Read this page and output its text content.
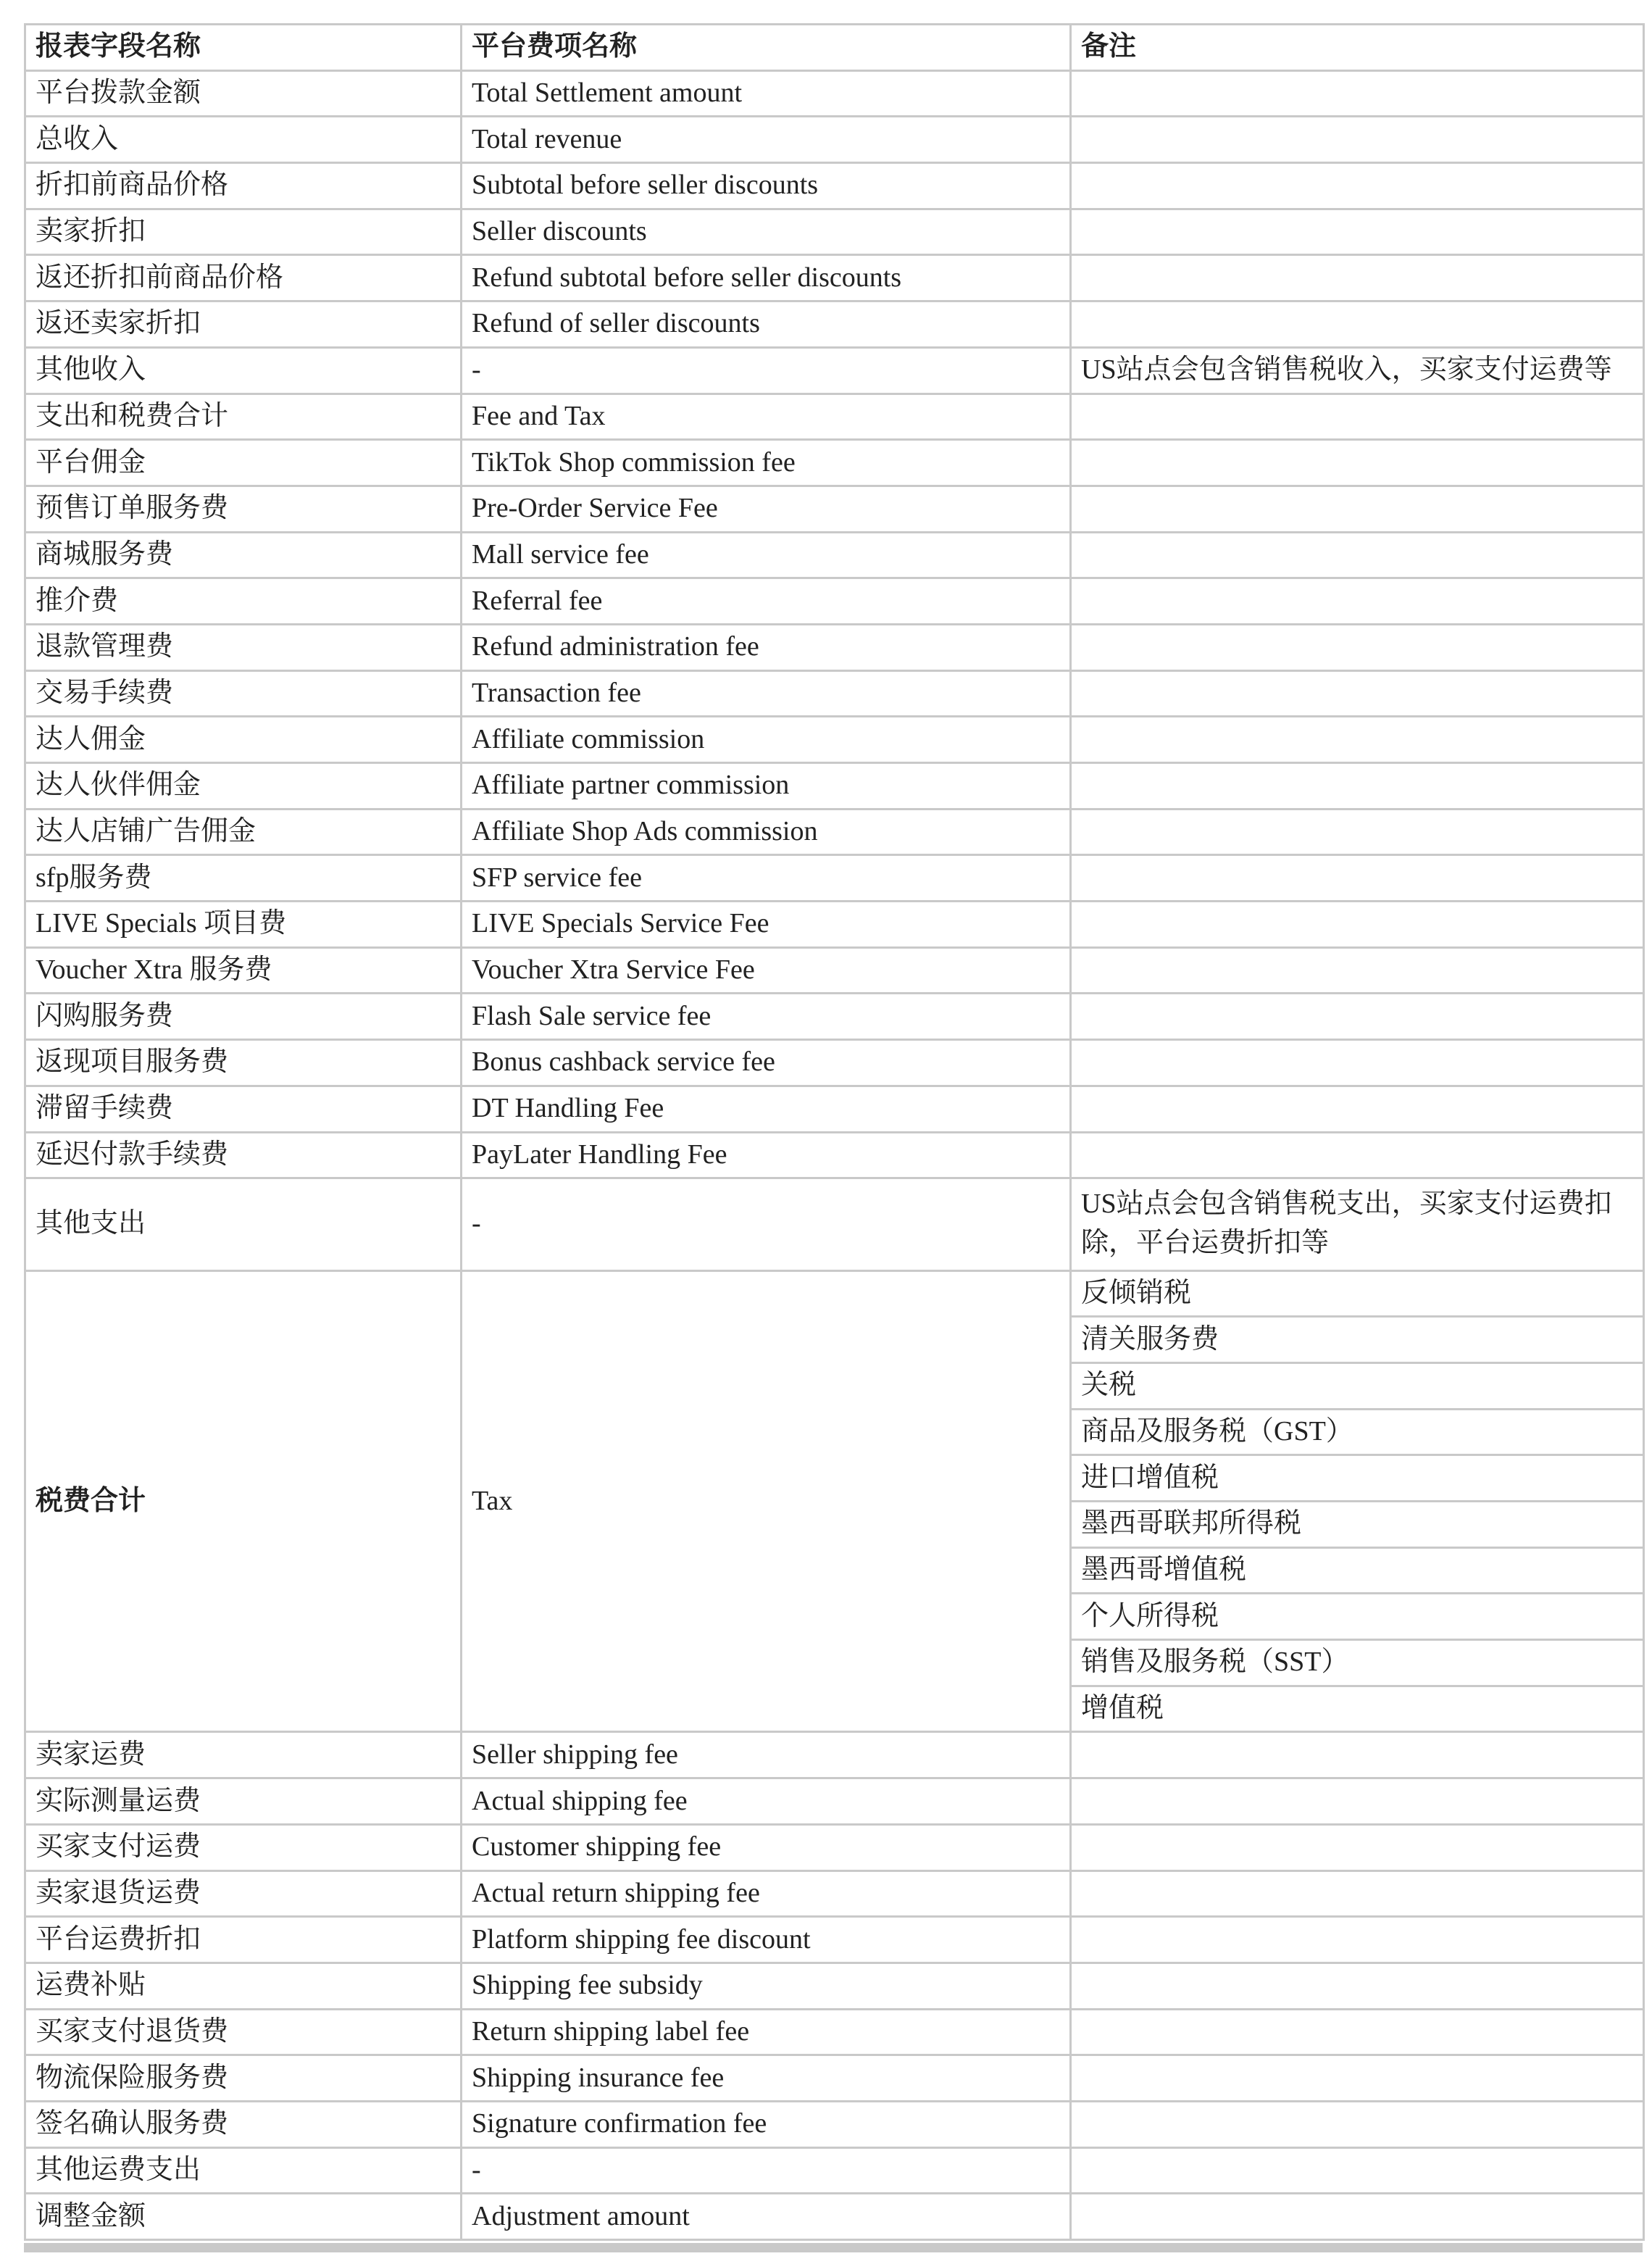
报表字段名称	平台费项名称	备注
平台拨款金额	Total Settlement amount	
总收入	Total revenue	
折扣前商品价格	Subtotal before seller discounts	
卖家折扣	Seller discounts	
返还折扣前商品价格	Refund subtotal before seller discounts	
返还卖家折扣	Refund of seller discounts	
其他收入	-	US站点会包含销售税收入，买家支付运费等
支出和税费合计	Fee and Tax	
平台佣金	TikTok Shop commission fee	
预售订单服务费	Pre-Order Service Fee	
商城服务费	Mall service fee	
推介费	Referral fee	
退款管理费	Refund administration fee	
交易手续费	Transaction fee	
达人佣金	Affiliate commission	
达人伙伴佣金	Affiliate partner commission	
达人店铺广告佣金	Affiliate Shop Ads commission	
sfp服务费	SFP service fee	
LIVE Specials 项目费	LIVE Specials Service Fee	
Voucher Xtra 服务费	Voucher Xtra Service Fee	
闪购服务费	Flash Sale service fee	
返现项目服务费	Bonus cashback service fee	
滞留手续费	DT Handling Fee	
延迟付款手续费	PayLater Handling Fee	
其他支出	-	US站点会包含销售税支出，买家支付运费扣除，平台运费折扣等
税费合计	Tax	反倾销税
		清关服务费
		关税
		商品及服务税（GST）
		进口增值税
		墨西哥联邦所得税
		墨西哥增值税
		个人所得税
		销售及服务税（SST）
		增值税
卖家运费	Seller shipping fee	
实际测量运费	Actual shipping fee	
买家支付运费	Customer shipping fee	
卖家退货运费	Actual return shipping fee	
平台运费折扣	Platform shipping fee discount	
运费补贴	Shipping fee subsidy	
买家支付退货费	Return shipping label fee	
物流保险服务费	Shipping insurance fee	
签名确认服务费	Signature confirmation fee	
其他运费支出	-	
调整金额	Adjustment amount	
